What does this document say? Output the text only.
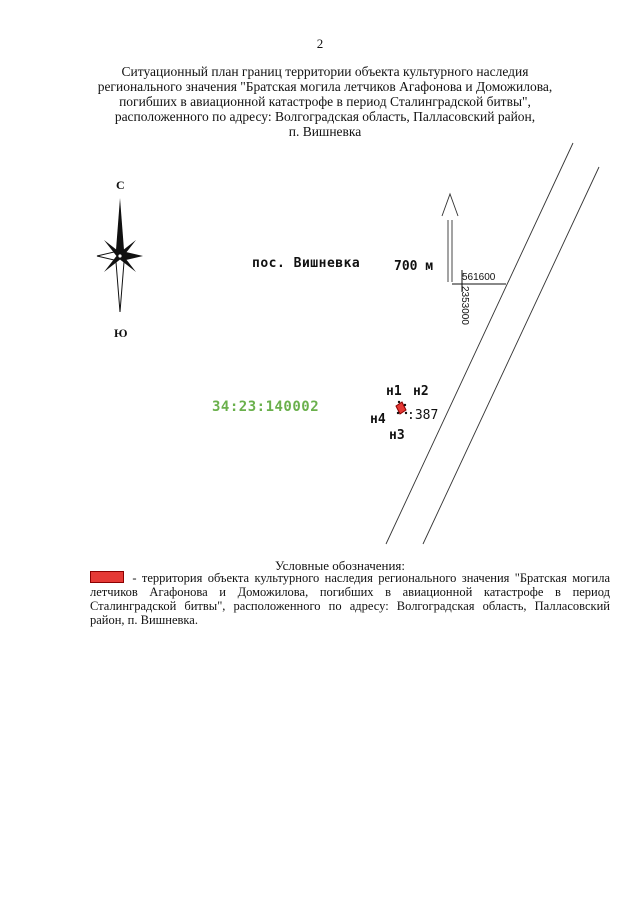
2
Ситуационный план границ территории объекта культурного наследия
регионального значения "Братская могила летчиков Агафонова и Доможилова,
погибших в авиационной катастрофе в период Сталинградской битвы",
расположенного по адресу: Волгоградская область, Палласовский район,
п. Вишневка
С
Ю
пос. Вишневка	700 м
561600
2353000
34:23:140002
н1 н2
н4
н3
:387
Условные обозначения:
- территория объекта культурного наследия регионального значения "Братская могила летчиков Агафонова и Доможилова, погибших в авиационной катастрофе в период Сталинградской битвы", расположенного по адресу: Волгоградская область, Палласовский район, п. Вишневка.
